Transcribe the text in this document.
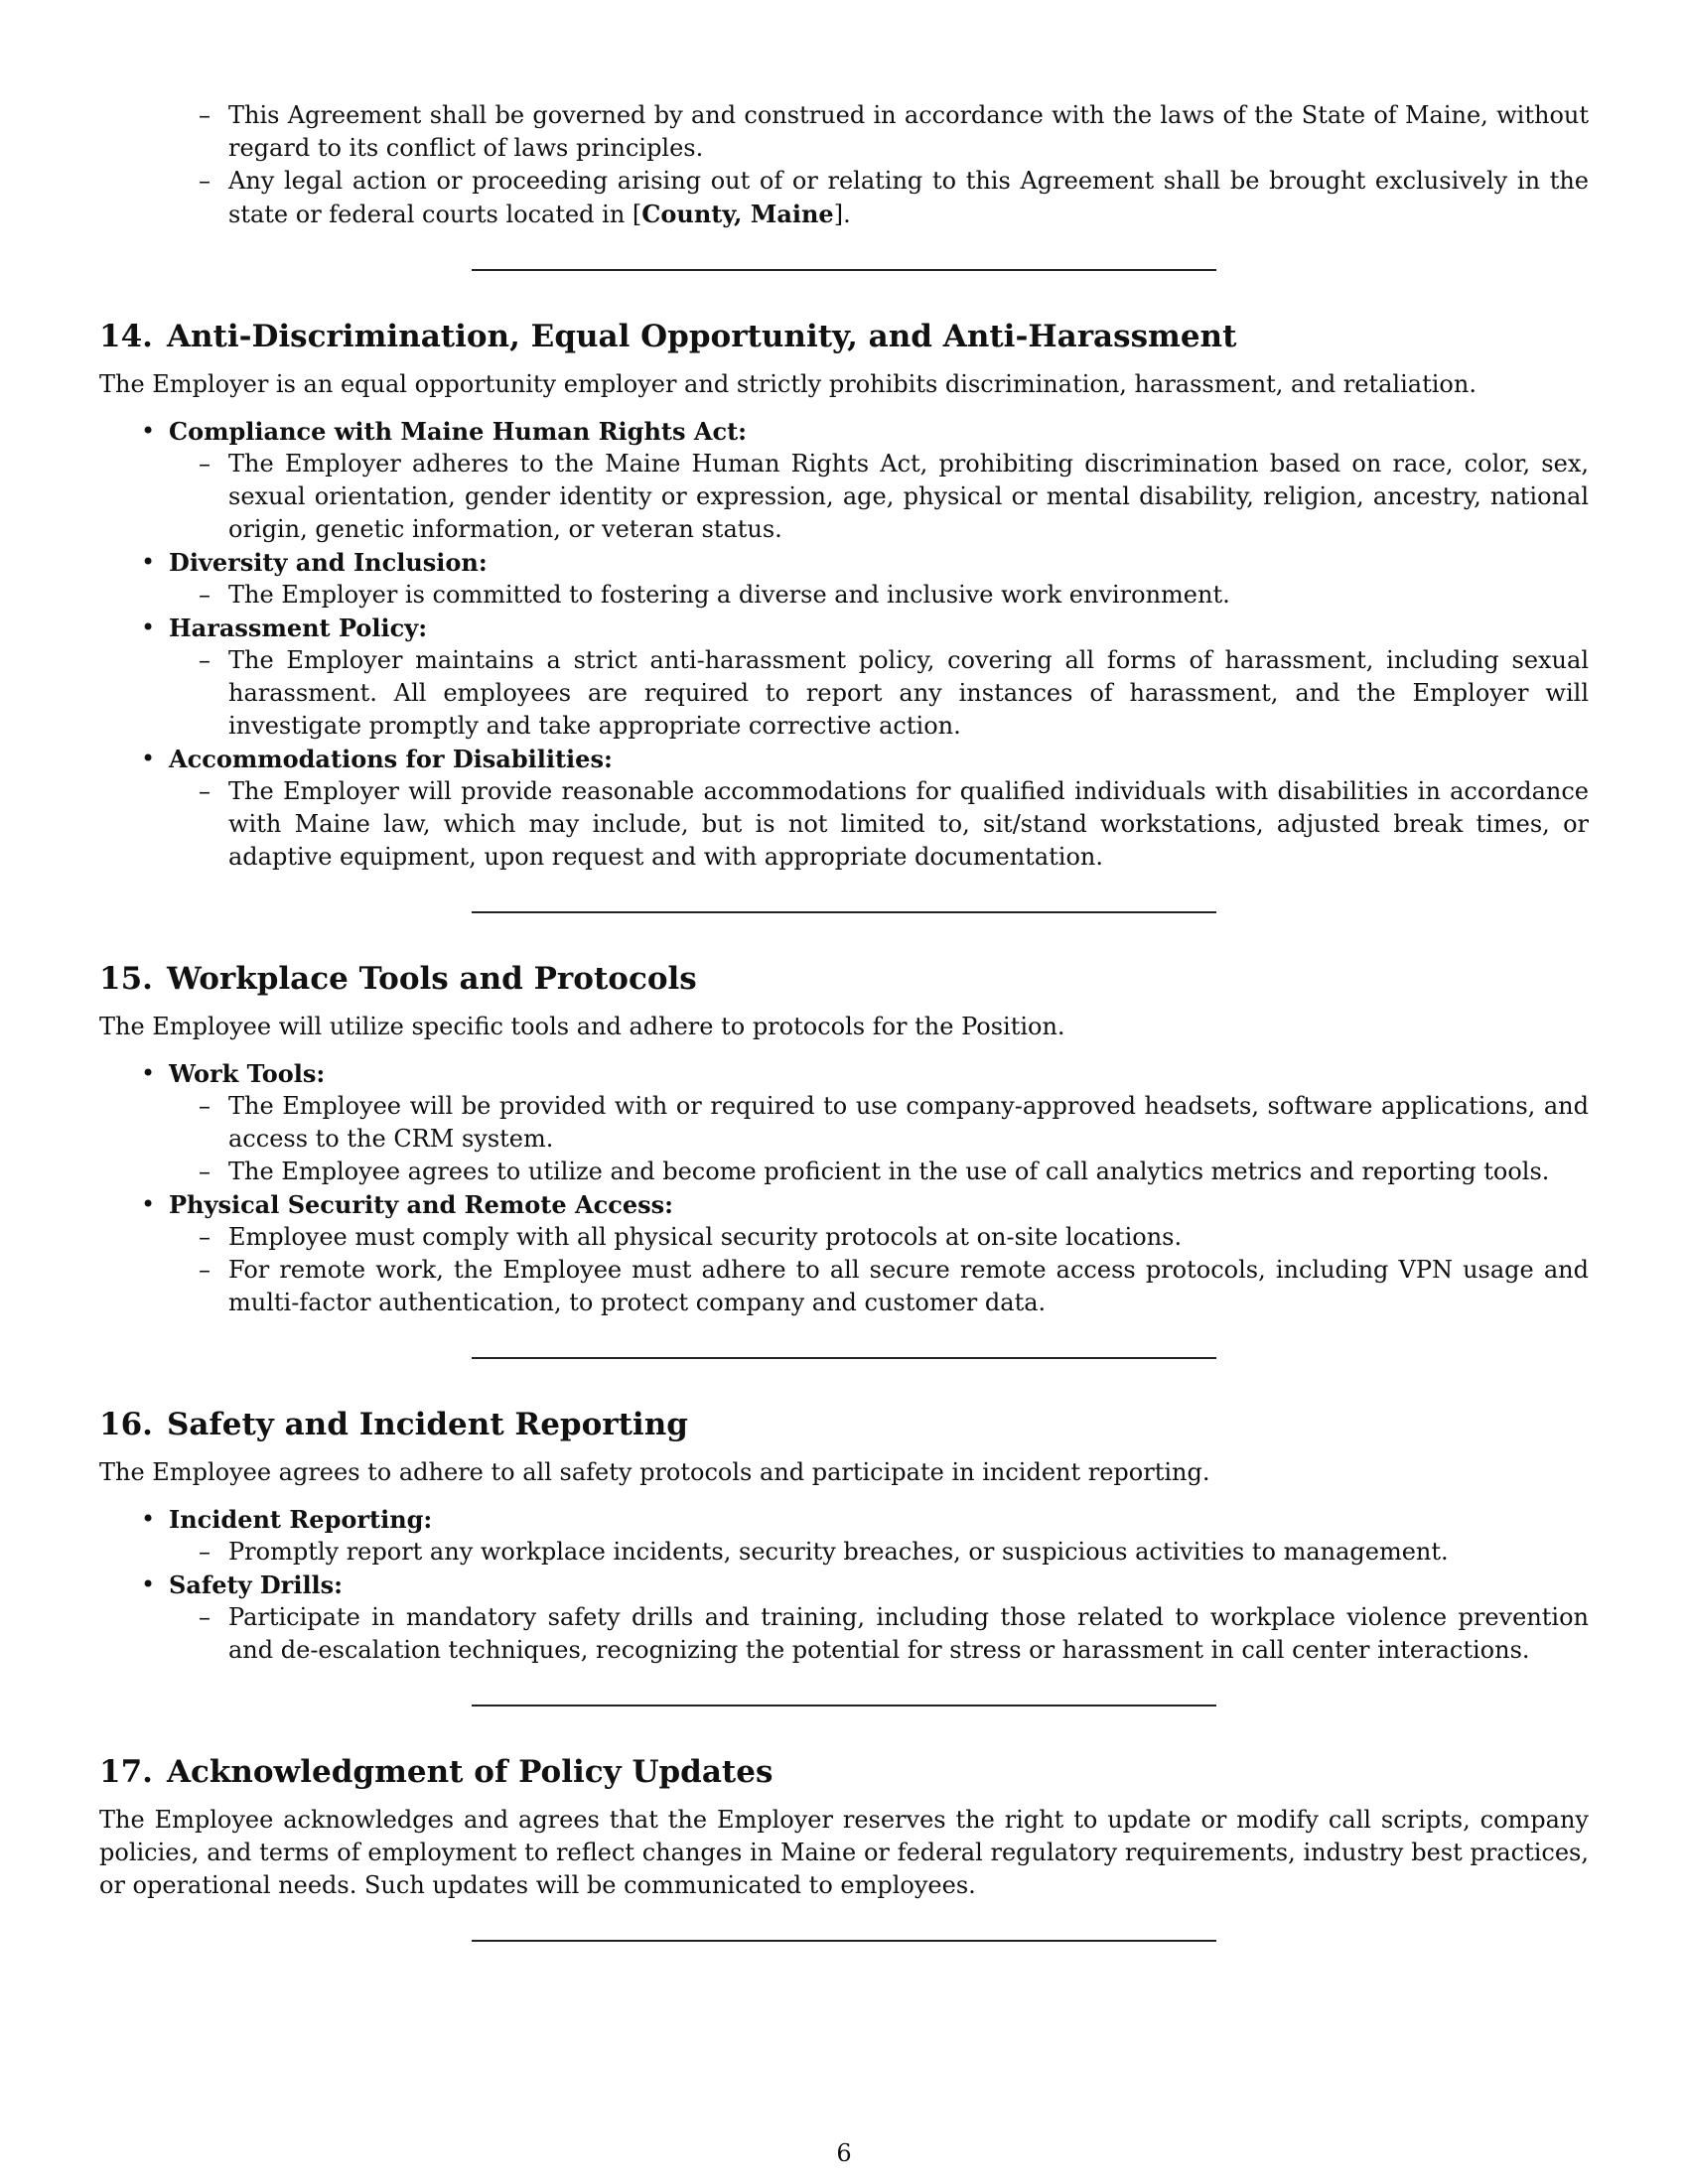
– This Agreement shall be governed by and construed in accordance with the laws of the State of Maine, without regard to its conflict of laws principles.
– Any legal action or proceeding arising out of or relating to this Agreement shall be brought exclusively in the state or federal courts located in [County, Maine].
14. Anti-Discrimination, Equal Opportunity, and Anti-Harassment

The Employer is an equal opportunity employer and strictly prohibits discrimination, harassment, and retaliation.

• Compliance with Maine Human Rights Act:
– The Employer adheres to the Maine Human Rights Act, prohibiting discrimination based on race, color, sex, sexual orientation, gender identity or expression, age, physical or mental disability, religion, ancestry, national origin, genetic information, or veteran status.
• Diversity and Inclusion:
– The Employer is committed to fostering a diverse and inclusive work environment.
• Harassment Policy:
– The Employer maintains a strict anti-harassment policy, covering all forms of harassment, including sexual harassment. All employees are required to report any instances of harassment, and the Employer will investigate promptly and take appropriate corrective action.
• Accommodations for Disabilities:
– The Employer will provide reasonable accommodations for qualified individuals with disabilities in accordance with Maine law, which may include, but is not limited to, sit/stand workstations, adjusted break times, or adaptive equipment, upon request and with appropriate documentation.
15. Workplace Tools and Protocols

The Employee will utilize specific tools and adhere to protocols for the Position.

• Work Tools:
– The Employee will be provided with or required to use company-approved headsets, software applications, and access to the CRM system.
– The Employee agrees to utilize and become proficient in the use of call analytics metrics and reporting tools.
• Physical Security and Remote Access:
– Employee must comply with all physical security protocols at on-site locations.
– For remote work, the Employee must adhere to all secure remote access protocols, including VPN usage and multi-factor authentication, to protect company and customer data.
16. Safety and Incident Reporting

The Employee agrees to adhere to all safety protocols and participate in incident reporting.

• Incident Reporting:
– Promptly report any workplace incidents, security breaches, or suspicious activities to management.
• Safety Drills:
– Participate in mandatory safety drills and training, including those related to workplace violence prevention and de-escalation techniques, recognizing the potential for stress or harassment in call center interactions.
17. Acknowledgment of Policy Updates

The Employee acknowledges and agrees that the Employer reserves the right to update or modify call scripts, company policies, and terms of employment to reflect changes in Maine or federal regulatory requirements, industry best practices, or operational needs. Such updates will be communicated to employees.

6
